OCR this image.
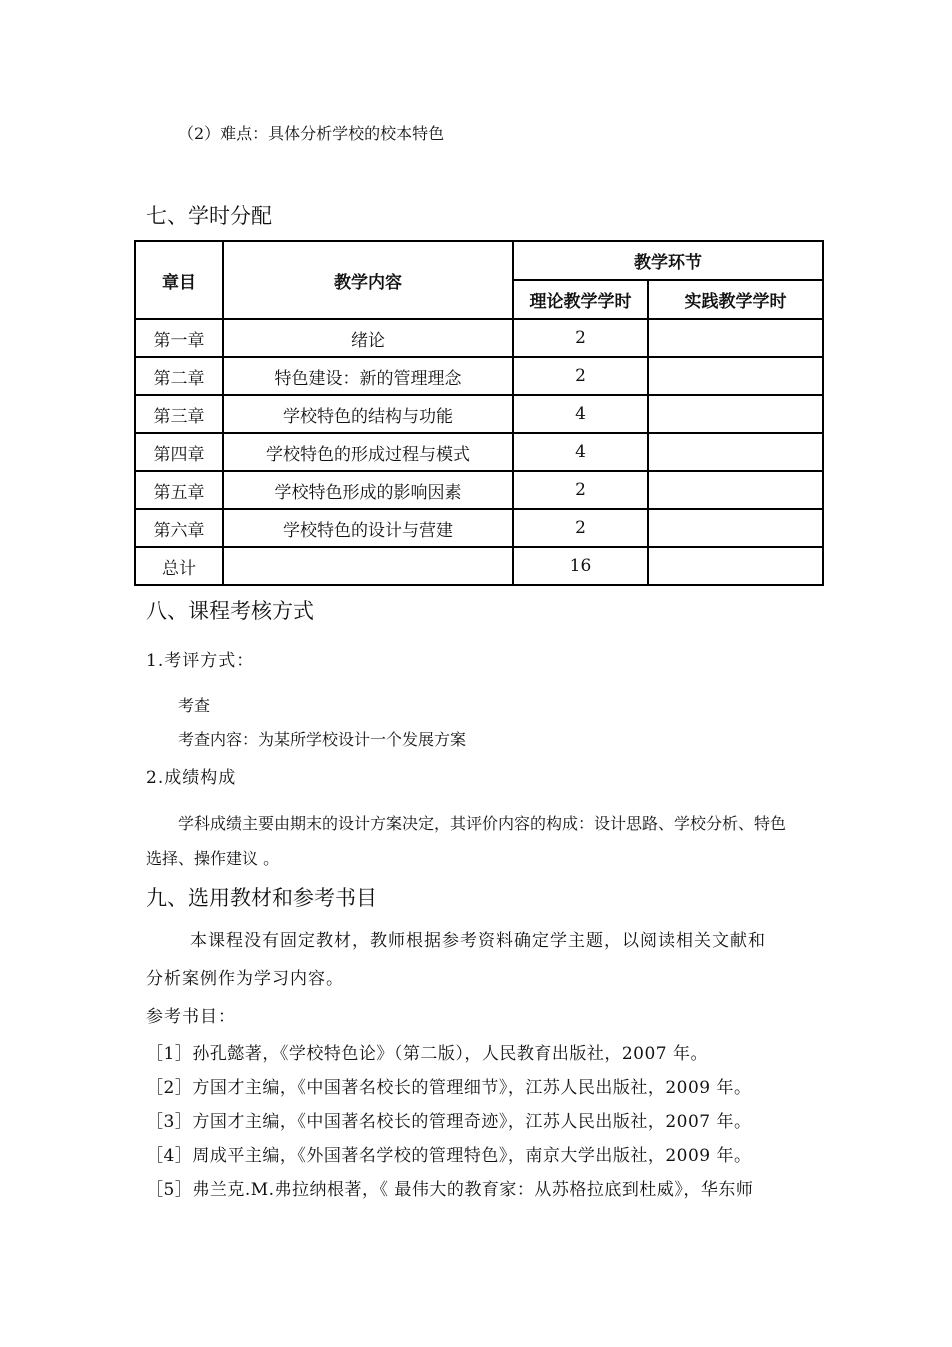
（2）难点：具体分析学校的校本特色
七、学时分配
章目	教学内容	教学环节	
		理论教学学时	实践教学学时
第一章	绪论	2	
第二章	特色建设：新的管理理念	2	
第三章	学校特色的结构与功能	4	
第四章	学校特色的形成过程与模式	4	
第五章	学校特色形成的影响因素	2	
第六章	学校特色的设计与营建	2	
总计		16	
八、课程考核方式
1.考评方式：
考查
考查内容：为某所学校设计一个发展方案
2.成绩构成
学科成绩主要由期末的设计方案决定，其评价内容的构成：设计思路、学校分析、特色
选择、操作建议 。
九、选用教材和参考书目
本课程没有固定教材，教师根据参考资料确定学主题，以阅读相关文献和
分析案例作为学习内容。
参考书目：
［1］孙孔懿著，《学校特色论》（第二版），人民教育出版社，2007 年。
［2］方国才主编，《中国著名校长的管理细节》，江苏人民出版社，2009 年。
［3］方国才主编，《中国著名校长的管理奇迹》，江苏人民出版社，2007 年。
［4］周成平主编，《外国著名学校的管理特色》，南京大学出版社，2009 年。
［5］弗兰克.M.弗拉纳根著，《 最伟大的教育家：从苏格拉底到杜威》，华东师
